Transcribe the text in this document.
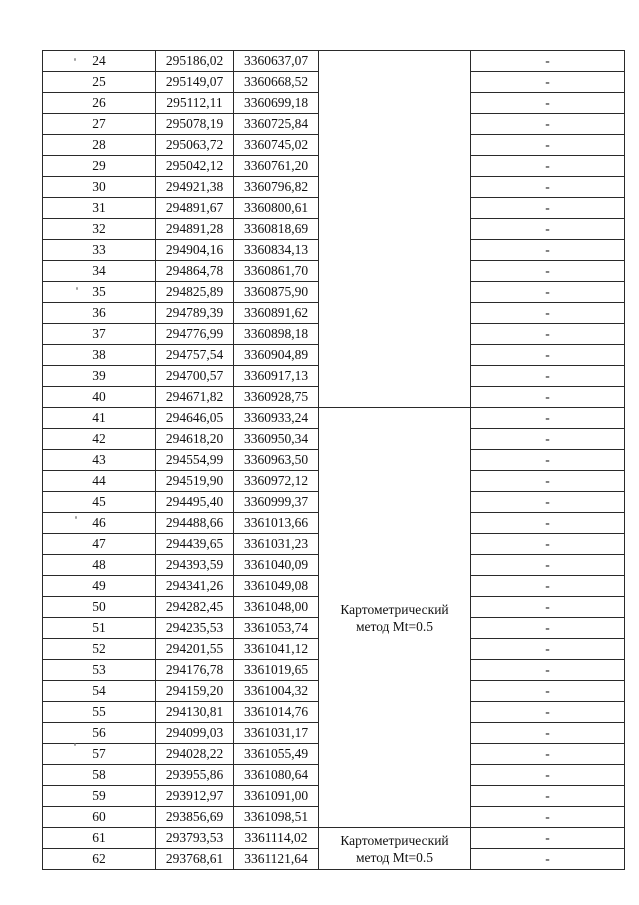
24	295186,02	3360637,07		-
25	295149,07	3360668,52		-
26	295112,11	3360699,18		-
27	295078,19	3360725,84		-
28	295063,72	3360745,02		-
29	295042,12	3360761,20		-
30	294921,38	3360796,82		-
31	294891,67	3360800,61		-
32	294891,28	3360818,69		-
33	294904,16	3360834,13		-
34	294864,78	3360861,70		-
35	294825,89	3360875,90		-
36	294789,39	3360891,62		-
37	294776,99	3360898,18		-
38	294757,54	3360904,89		-
39	294700,57	3360917,13		-
40	294671,82	3360928,75		-
41	294646,05	3360933,24	Картометрический метод Mt=0.5	-
42	294618,20	3360950,34		-
43	294554,99	3360963,50		-
44	294519,90	3360972,12		-
45	294495,40	3360999,37		-
46	294488,66	3361013,66		-
47	294439,65	3361031,23		-
48	294393,59	3361040,09		-
49	294341,26	3361049,08		-
50	294282,45	3361048,00		-
51	294235,53	3361053,74		-
52	294201,55	3361041,12		-
53	294176,78	3361019,65		-
54	294159,20	3361004,32		-
55	294130,81	3361014,76		-
56	294099,03	3361031,17		-
57	294028,22	3361055,49		-
58	293955,86	3361080,64		-
59	293912,97	3361091,00		-
60	293856,69	3361098,51		-
61	293793,53	3361114,02	Картометрический метод Mt=0.5	-
62	293768,61	3361121,64		-
